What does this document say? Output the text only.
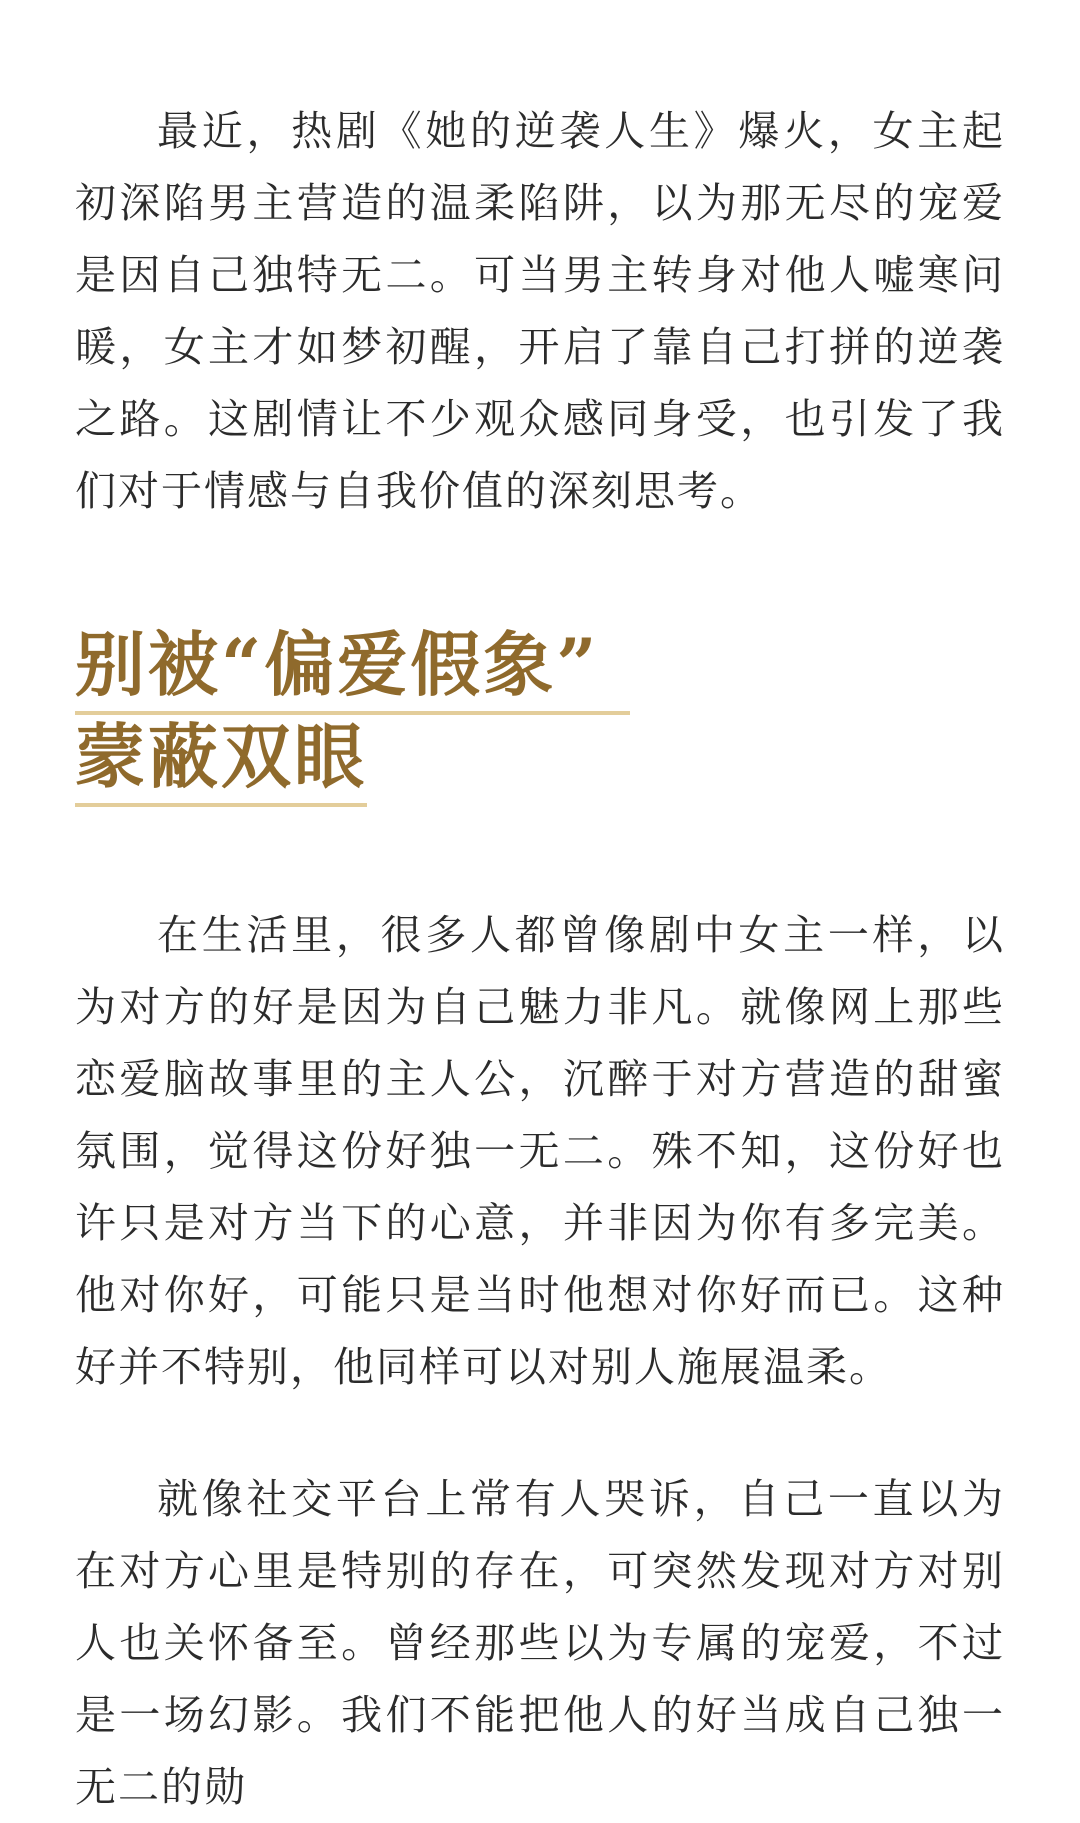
最近，热剧《她的逆袭人生》爆火，女主起初深陷男主营造的温柔陷阱，以为那无尽的宠爱是因自己独特无二。可当男主转身对他人嘘寒问暖，女主才如梦初醒，开启了靠自己打拼的逆袭之路。这剧情让不少观众感同身受，也引发了我们对于情感与自我价值的深刻思考。

别被“偏爱假象”
蒙蔽双眼

在生活里，很多人都曾像剧中女主一样，以为对方的好是因为自己魅力非凡。就像网上那些恋爱脑故事里的主人公，沉醉于对方营造的甜蜜氛围，觉得这份好独一无二。殊不知，这份好也许只是对方当下的心意，并非因为你有多完美。他对你好，可能只是当时他想对你好而已。这种好并不特别，他同样可以对别人施展温柔。

就像社交平台上常有人哭诉，自己一直以为在对方心里是特别的存在，可突然发现对方对别人也关怀备至。曾经那些以为专属的宠爱，不过是一场幻影。我们不能把他人的好当成自己独一无二的勋
